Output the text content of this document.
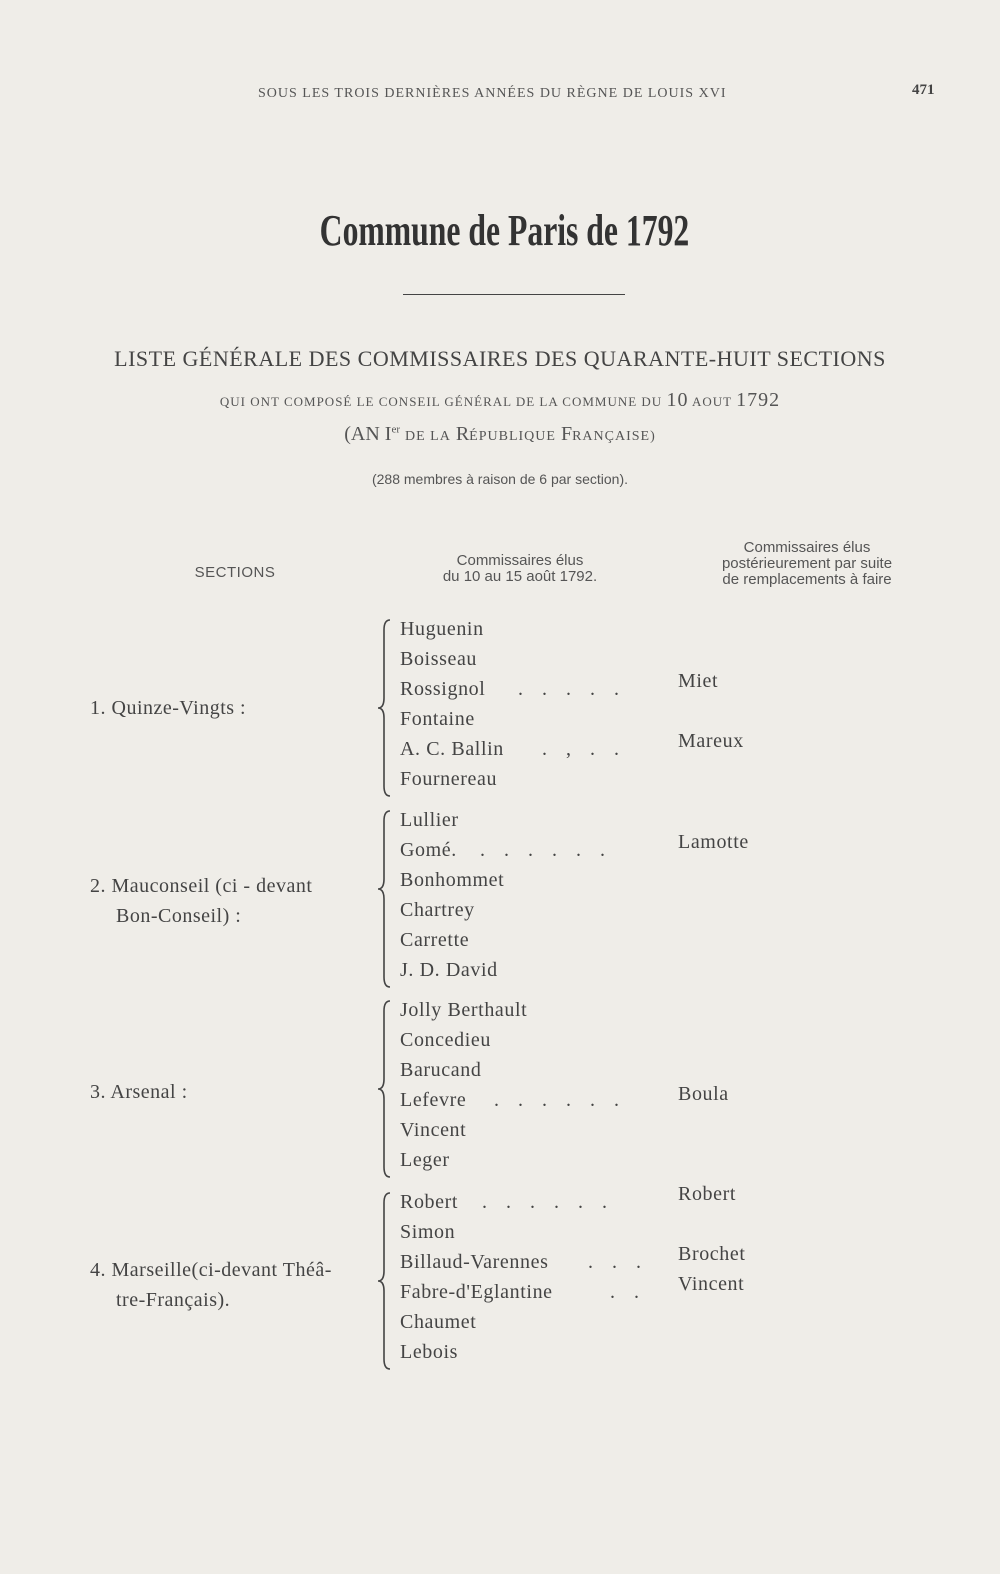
SOUS LES TROIS DERNIÈRES ANNÉES DU RÈGNE DE LOUIS XVI	471
Commune de Paris de 1792
LISTE GÉNÉRALE DES COMMISSAIRES DES QUARANTE-HUIT SECTIONS
QUI ONT COMPOSÉ LE CONSEIL GÉNÉRAL DE LA COMMUNE DU 10 AOUT 1792
(AN Ier DE LA RÉPUBLIQUE FRANÇAISE)
(288 membres à raison de 6 par section).
SECTIONS
Commissaires élus
du 10 au 15 août 1792.
Commissaires élus
postérieurement par suite
de remplacements à faire
1. Quinze-Vingts :
Huguenin
Boisseau
Rossignol . . . . .	Miet
Fontaine
A. C. Ballin . , . .	Mareux
Fournereau
2. Mauconseil (ci - devant
Bon-Conseil) :
Lullier
Gomé. . . . . . .	Lamotte
Bonhommet
Chartrey
Carrette
J. D. David
3. Arsenal :
Jolly Berthault
Concedieu
Barucand
Lefevre . . . . . .	Boula
Vincent
Leger
4. Marseille(ci-devant Théâ-
tre-Français).
Robert . . . . . .	Robert
Simon
Billaud-Varennes . . . Brochet
Fabre-d'Eglantine	. . Vincent
Chaumet
Lebois
